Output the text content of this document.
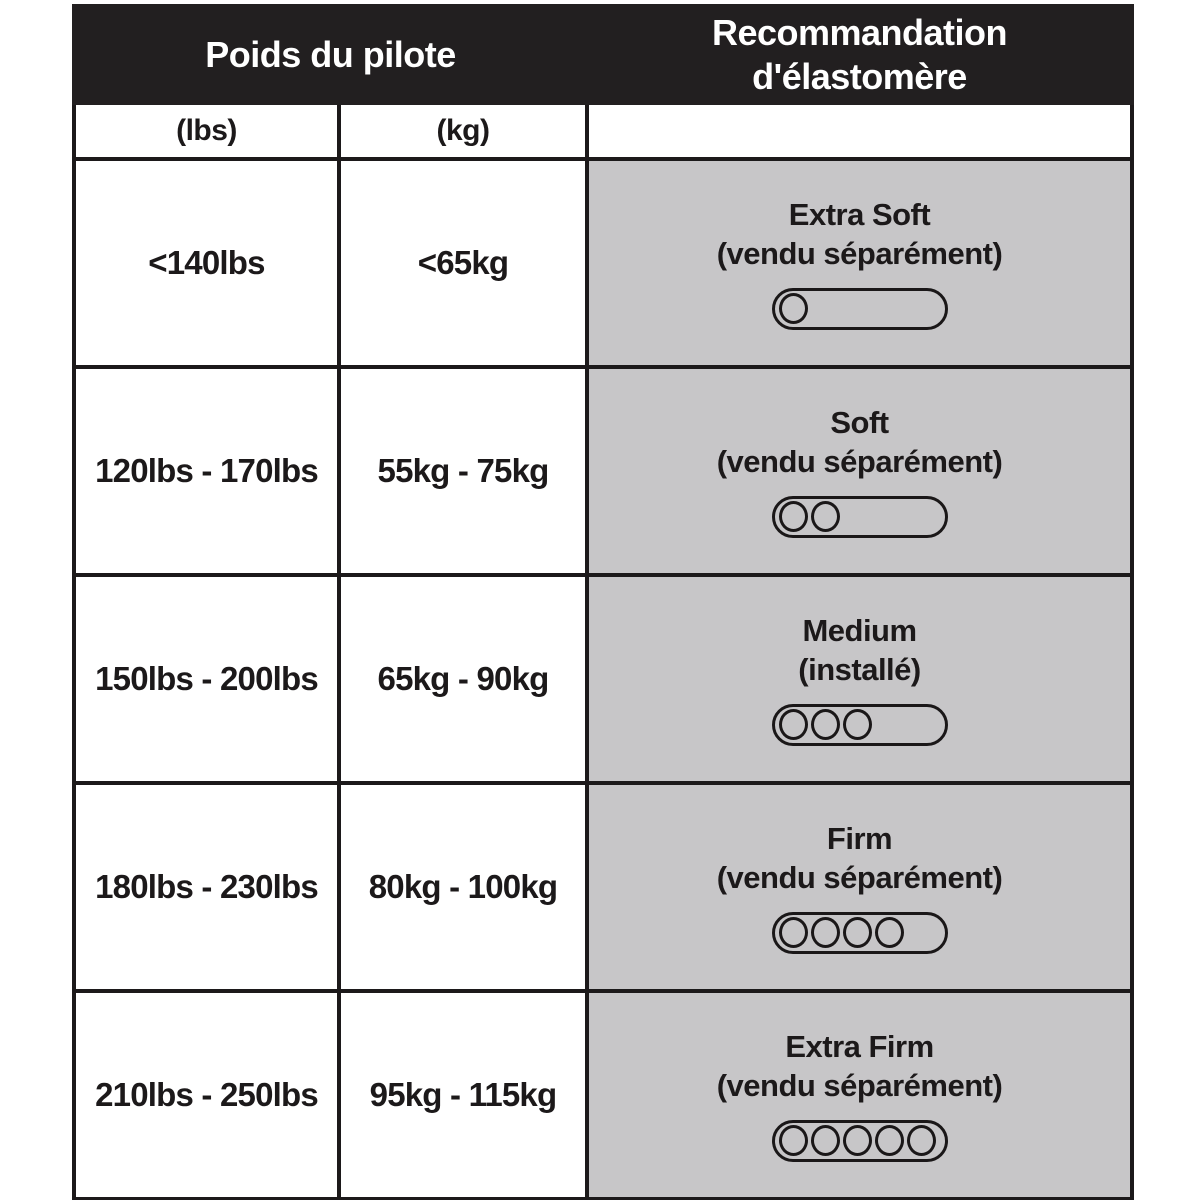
Poids du pilote		Recommandation d'élastomère
(lbs)	(kg)	
<140lbs	<65kg	Extra Soft
(vendu séparément)

120lbs - 170lbs	55kg - 75kg	Soft
(vendu séparément)

150lbs - 200lbs	65kg - 90kg	Medium
(installé)

180lbs - 230lbs	80kg - 100kg	Firm
(vendu séparément)

210lbs - 250lbs	95kg - 115kg	Extra Firm
(vendu séparément)
